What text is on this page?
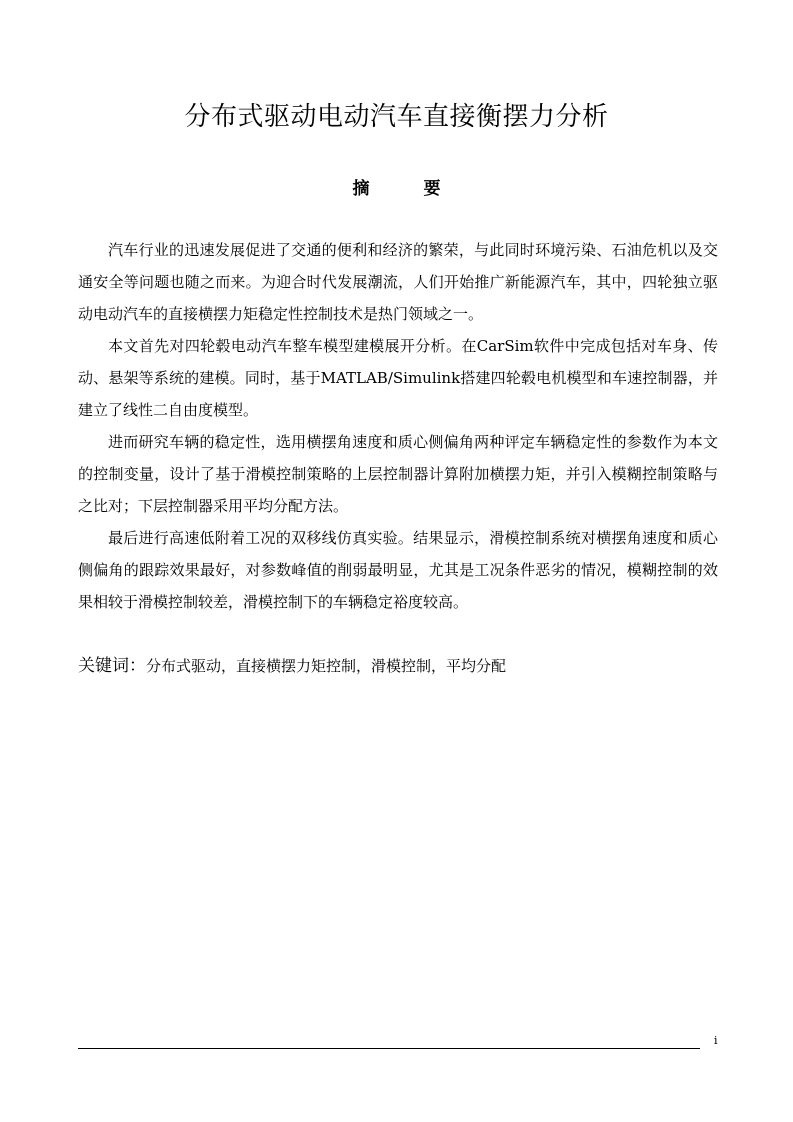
分布式驱动电动汽车直接衡摆力分析
摘 要

汽车行业的迅速发展促进了交通的便利和经济的繁荣，与此同时环境污染、石油危机以及交通安全等问题也随之而来。为迎合时代发展潮流，人们开始推广新能源汽车，其中，四轮独立驱动电动汽车的直接横摆力矩稳定性控制技术是热门领域之一。

本文首先对四轮毂电动汽车整车模型建模展开分析。在CarSim软件中完成包括对车身、传动、悬架等系统的建模。同时，基于MATLAB/Simulink搭建四轮毂电机模型和车速控制器，并建立了线性二自由度模型。

进而研究车辆的稳定性，选用横摆角速度和质心侧偏角两种评定车辆稳定性的参数作为本文的控制变量，设计了基于滑模控制策略的上层控制器计算附加横摆力矩，并引入模糊控制策略与之比对；下层控制器采用平均分配方法。

最后进行高速低附着工况的双移线仿真实验。结果显示，滑模控制系统对横摆角速度和质心侧偏角的跟踪效果最好，对参数峰值的削弱最明显，尤其是工况条件恶劣的情况，模糊控制的效果相较于滑模控制较差，滑模控制下的车辆稳定裕度较高。

关键词：分布式驱动，直接横摆力矩控制，滑模控制，平均分配

i
